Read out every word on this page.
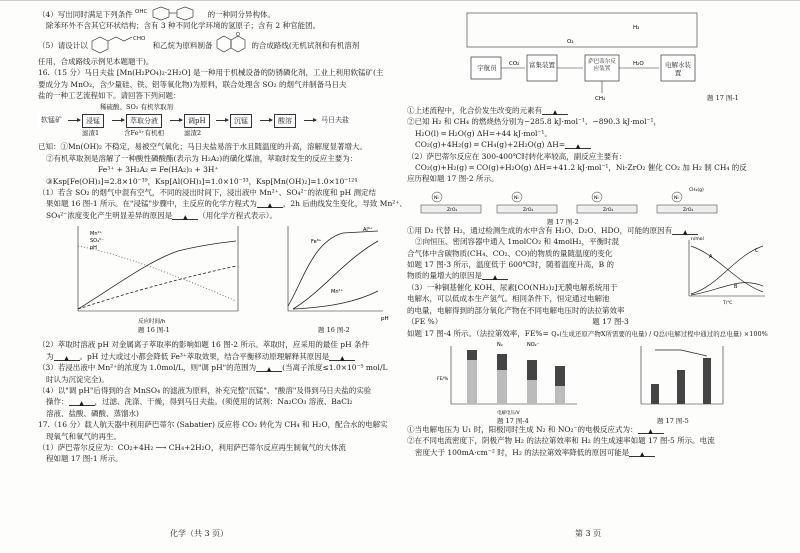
（4）写出同时满足下列条件 OHC	的一种同分异构体。
除苯环外不含其它环状结构；含有 3 种不同化学环境的氢原子；含有 2 种官能团。
（5）请设计以
CHO
和乙烷为原料制备
O
的合成路线(无机试剂和有机溶剂
任用，合成路线示例见本题题干)。
16.（15 分）马日夫盐 [Mn(H₂PO₄)₂·2H₂O] 是一种用于机械设备的防锈磷化剂，工业上利用软锰矿(主
要成分为 MnO₂，含少量硅、铁、铝等氧化物)为原料，联合处理含 SO₂ 的烟气并制备马日夫
盐的一种工艺流程如下。请回答下列问题：
稀硫酸、SO₂ 有机萃取剂
软锰矿	浸锰	萃取分液	调pH	沉锰	酸溶	马日夫盐
滤渣1	含Fe³⁺有机相	滤渣2
已知：①Mn(OH)₂ 不稳定，易被空气氧化；马日夫盐易溶于水且随温度的升高，溶解度显著增大。
②有机萃取剂是溶解了一种酸性磷酸酯(表示为 H₂A₂)的磺化煤油，萃取时发生的反应主要为：
Fe³⁺ + 3H₂A₂ ⇌ Fe(HA₂)₃ + 3H⁺
③Ksp[Fe(OH)₃]=2.8×10⁻³⁹，Ksp[Al(OH)₃]=1.0×10⁻³³，Ksp[Mn(OH)₂]=1.0×10⁻¹²⁴
（1）若含 SO₂ 的烟气中混有空气，不同的浸出时间下，浸出液中 Mn²⁺、SO₄²⁻的浓度和 pH 测定结
果如题 16 图-1 所示。在"浸锰"步骤中，主反应的化学方程式为 ▲ ，2h 后曲线发生变化，导致 Mn²⁺、
SO₄²⁻浓度变化产生明显差异的原因是 ▲ （用化学方程式表示）。
Mn²⁺
SO₄²⁻
pH
反应时间/h
Fe³⁺
Al³⁺
Mn²⁺
pH
题 16 图-1	题 16 图-2
（2）萃取时溶液 pH 对金属离子萃取率的影响如题 16 图-2 所示。萃取时，应采用的最佳 pH 条件
为 ▲ 。pH 过大或过小都会降低 Fe³⁺萃取效果，结合平衡移动原理解释其原因是 ▲
（3）若浸出液中 Mn²⁺的浓度为 1.0mol/L，则"调 pH"的范围为 ▲ (当离子浓度≤1.0×10⁻⁵ mol/L
时认为沉淀完全)。
（4）以"调 pH"后得到的含 MnSO₄ 的滤液为原料，补充完整"沉锰"、"酸溶"及得到马日夫盐的实验
操作： ▲ ，过滤、洗涤、干燥，得到马日夫盐。(须使用的试剂：Na₂CO₃ 溶液、BaCl₂
溶液、盐酸、磷酸、蒸馏水)
17.（16 分）载人航天器中利用萨巴蒂尔 (Sabatier) 反应将 CO₂ 转化为 CH₄ 和 H₂O，配合水的电解实
现氧气和氧气的再生。
（1）萨巴蒂尔反应为：CO₂+4H₂ ⟶ CH₄+2H₂O，利用萨巴蒂尔反应再生制氧气的大体流
程如题 17 图-1 所示。
化学（共 3 页）
CO₂	H₂O
H₂
O₂
CH₄
宇航员	富集装置	萨巴蒂尔反应装置	电解水装置
题 17 图-1
①上述流程中，化合价发生改变的元素有 ▲
②已知 H₂ 和 CH₄ 的燃烧热分别为−285.8 kJ·mol⁻¹、−890.3 kJ·mol⁻¹，
H₂O(l) ═ H₂O(g) ΔH=+44 kJ·mol⁻¹。
CO₂(g)+4H₂(g) ═ CH₄(g)+2H₂O(g) ΔH= ▲
（2）萨巴蒂尔反应在 300-400℃时转化率较高，副反应主要有：
CO₂(g)+H₂(g) ═ CO(g)+H₂O(g) ΔH=+41.2 kJ·mol⁻¹，Ni-ZrO₂ 催化 CO₂ 加 H₂ 制 CH₄ 的反
应历程如题 17 图-2 所示。
Ni	Ni	Ni	Ni
ZrO₂	ZrO₂	ZrO₂	ZrO₂
CH₄(g)
题 17 图-2
①用 D₂ 代替 H₂，通过检测生成的水中含有 H₂O、D₂O、HDO，可能的原因有 ▲
②向恒压、密闭容器中通入 1molCO₂ 和 4molH₂，平衡时混
合气体中含碳物质(CH₄、CO₂、CO)的物质的量随温度的变化
如题 17 图-3 所示，温度低于 600℃时，随着温度升高，B 的
物质的量增大的原因是 ▲
（3）一种铜基催化 KOH、尿素[CO(NH₂)₂]无膜电解系统用于
电解水，可以低成本生产氢气。相同条件下，恒定通过电解池
的电量，电解得到的部分氧化产物在不同电解电压时的法拉第效率
A
B
C
n/mol
T/℃
（FE %）	题 17 图-3
如题 17 图-4 所示。（法拉第效率，FE%= Qₓ(生成还原产物X所需要的电量) / Q总(电解过程中通过的总电量) ×100%
N₂	NO₂⁻
FE/%
电解电压/V
题 17 图-4	题 17 图-5
①当电解电压为 U₁ 时，阳极同时生成 N₂ 和 NO₂⁻的电极反应式为： ▲
②在不同电流密度下，阴极产物 H₂ 的法拉第效率和 H₂ 的生成速率如题 17 图-5 所示。电流
密度大于 100mA·cm⁻² 时，H₂ 的法拉第效率降低的原因可能是 ▲
第 3 页
